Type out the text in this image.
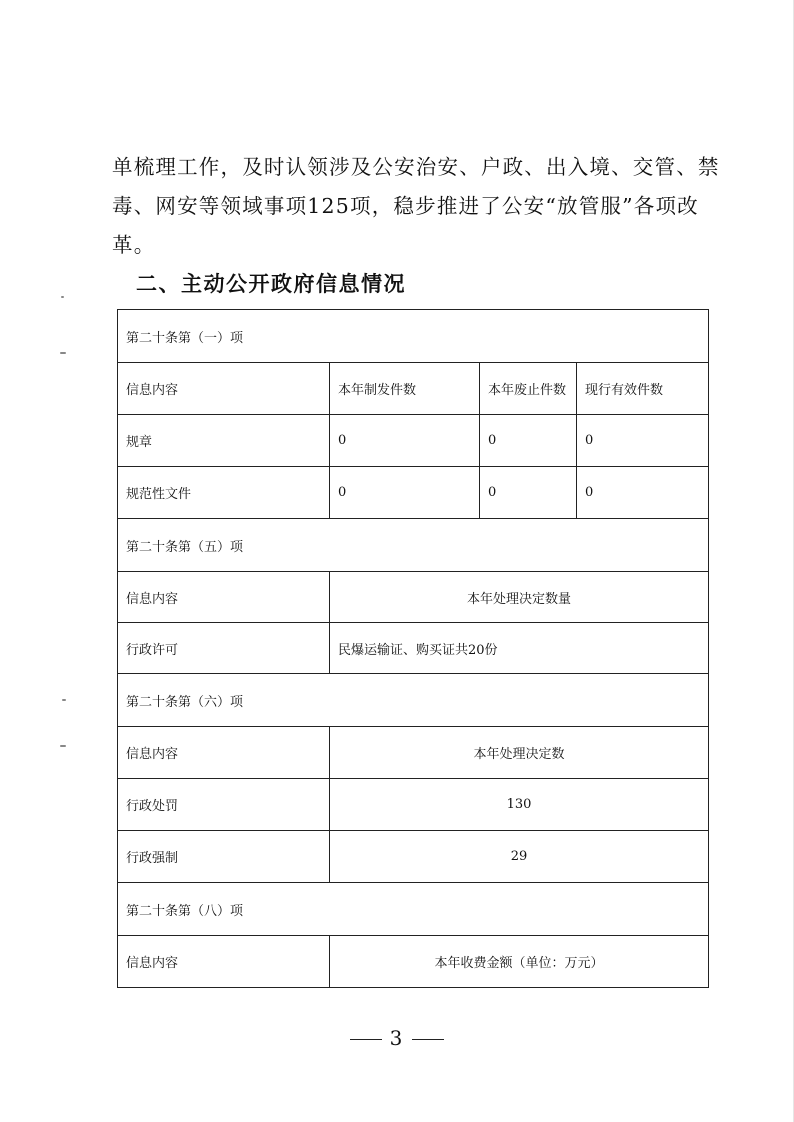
单梳理工作，及时认领涉及公安治安、户政、出入境、交管、禁
毒、网安等领域事项125项，稳步推进了公安“放管服”各项改
革。
二、主动公开政府信息情况
第二十条第（一）项			
信息内容	本年制发件数	本年废止件数	现行有效件数
规章	0	0	0
规范性文件	0	0	0
第二十条第（五）项			
信息内容	本年处理决定数量		
行政许可	民爆运输证、购买证共20份		
第二十条第（六）项			
信息内容	本年处理决定数		
行政处罚	130		
行政强制	29		
第二十条第（八）项			
信息内容	本年收费金额（单位：万元）		
3
